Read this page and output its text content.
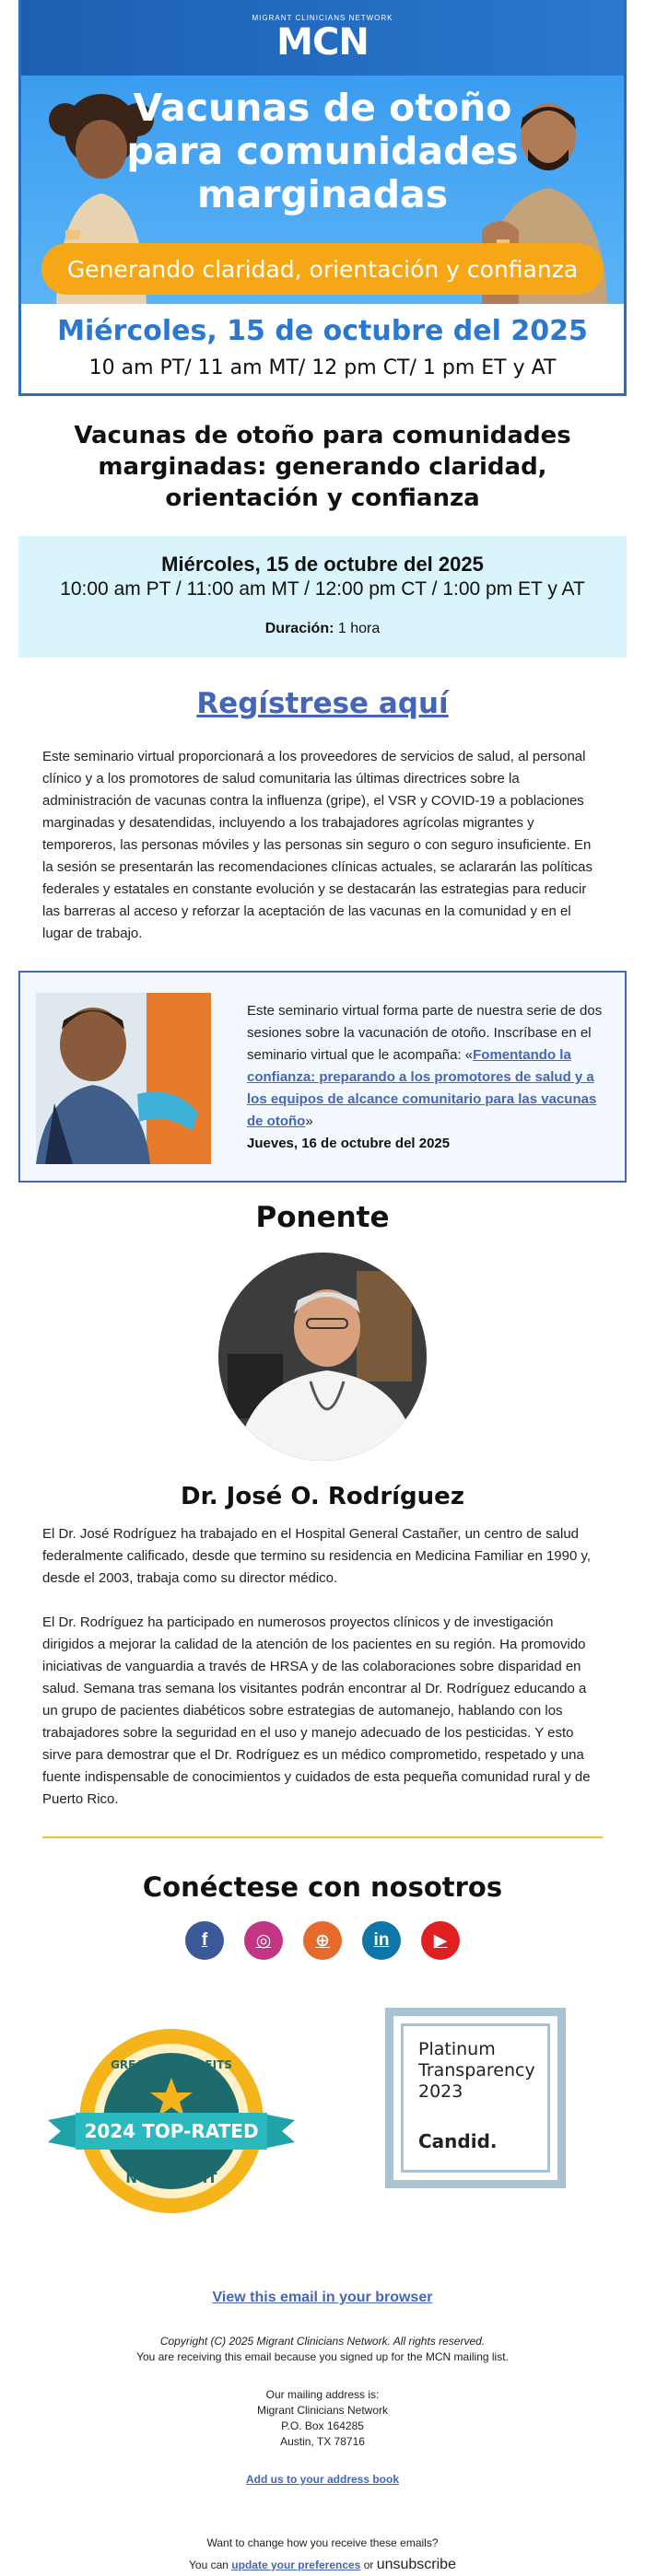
MIGRANT CLINICIANS NETWORK
MCN
Vacunas de otoño
para comunidades
marginadas
Generando claridad, orientación y confianza
Miércoles, 15 de octubre del 2025
10 am PT/ 11 am MT/ 12 pm CT/ 1 pm ET y AT
Vacunas de otoño para comunidades marginadas: generando claridad, orientación y confianza
Miércoles, 15 de octubre del 2025
10:00 am PT / 11:00 am MT / 12:00 pm CT / 1:00 pm ET y AT
Duración: 1 hora
Regístrese aquí

Este seminario virtual proporcionará a los proveedores de servicios de salud, al personal clínico y a los promotores de salud comunitaria las últimas directrices sobre la administración de vacunas contra la influenza (gripe), el VSR y COVID-19 a poblaciones marginadas y desatendidas, incluyendo a los trabajadores agrícolas migrantes y temporeros, las personas móviles y las personas sin seguro o con seguro insuficiente. En la sesión se presentarán las recomendaciones clínicas actuales, se aclararán las políticas federales y estatales en constante evolución y se destacarán las estrategias para reducir las barreras al acceso y reforzar la aceptación de las vacunas en la comunidad y en el lugar de trabajo.

Este seminario virtual forma parte de nuestra serie de dos sesiones sobre la vacunación de otoño. Inscríbase en el seminario virtual que le acompaña: «Fomentando la confianza: preparando a los promotores de salud y a los equipos de alcance comunitario para las vacunas de otoño»
Jueves, 16 de octubre del 2025
Ponente
Dr. José O. Rodríguez

El Dr. José Rodríguez ha trabajado en el Hospital General Castañer, un centro de salud federalmente calificado, desde que termino su residencia en Medicina Familiar en 1990 y, desde el 2003, trabaja como su director médico.

El Dr. Rodríguez ha participado en numerosos proyectos clínicos y de investigación dirigidos a mejorar la calidad de la atención de los pacientes en su región. Ha promovido iniciativas de vanguardia a través de HRSA y de las colaboraciones sobre disparidad en salud. Semana tras semana los visitantes podrán encontrar al Dr. Rodríguez educando a un grupo de pacientes diabéticos sobre estrategias de automanejo, hablando con los trabajadores sobre la seguridad en el uso y manejo adecuado de los pesticidas. Y esto sirve para demostrar que el Dr. Rodríguez es un médico comprometido, respetado y una fuente indispensable de conocimientos y cuidados de esta pequeña comunidad rural y de Puerto Rico.

Conéctese con nosotros
f	◎	⊕	in	▶
2024 TOP-RATED
GREATNONPROFITS
NONPROFIT
Platinum
Transparency
2023
Candid.
View this email in your browser
Copyright (C) 2025 Migrant Clinicians Network. All rights reserved.
You are receiving this email because you signed up for the MCN mailing list.
Our mailing address is:
Migrant Clinicians Network
P.O. Box 164285
Austin, TX 78716
Add us to your address book
Want to change how you receive these emails?
You can update your preferences or unsubscribe
